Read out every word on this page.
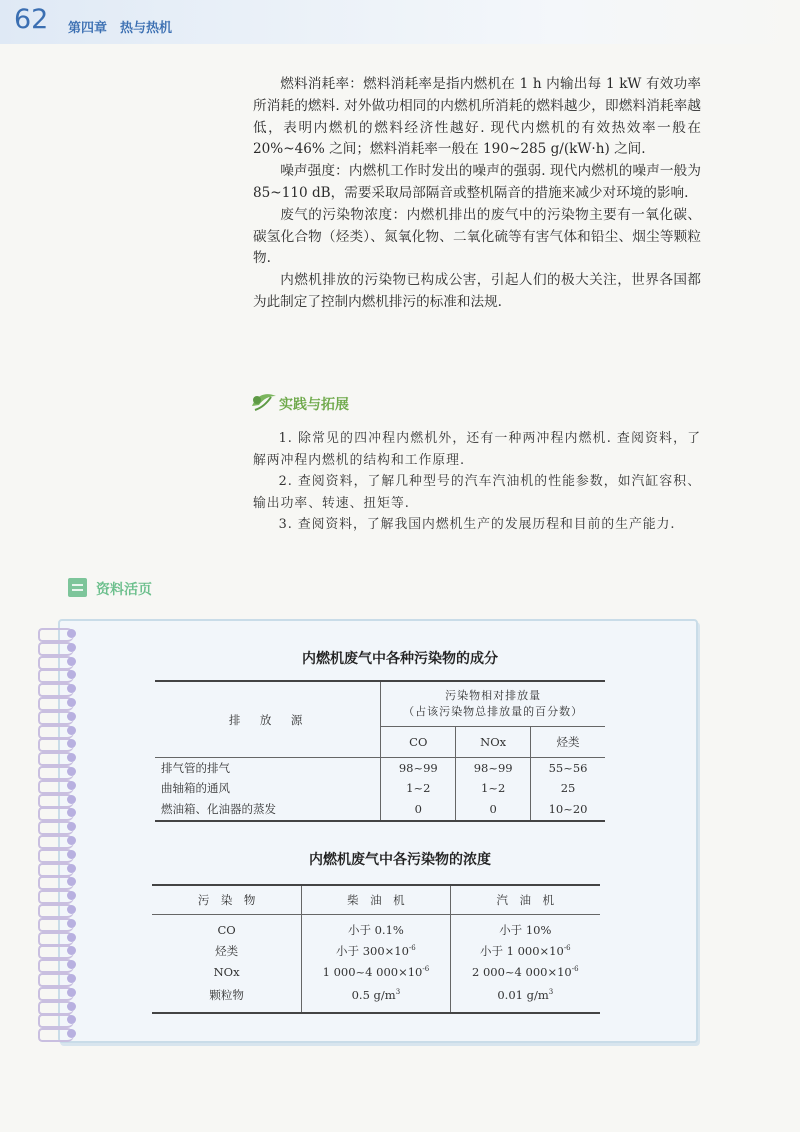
62 第四章　热与热机

燃料消耗率：燃料消耗率是指内燃机在 1 h 内输出每 1 kW 有效功率所消耗的燃料. 对外做功相同的内燃机所消耗的燃料越少，即燃料消耗率越低，表明内燃机的燃料经济性越好. 现代内燃机的有效热效率一般在 20%~46% 之间；燃料消耗率一般在 190~285 g/(kW·h) 之间.

噪声强度：内燃机工作时发出的噪声的强弱. 现代内燃机的噪声一般为 85~110 dB，需要采取局部隔音或整机隔音的措施来减少对环境的影响.

废气的污染物浓度：内燃机排出的废气中的污染物主要有一氧化碳、碳氢化合物（烃类）、氮氧化物、二氧化硫等有害气体和铅尘、烟尘等颗粒物.

内燃机排放的污染物已构成公害，引起人们的极大关注，世界各国都为此制定了控制内燃机排污的标准和法规.

实践与拓展

1. 除常见的四冲程内燃机外，还有一种两冲程内燃机. 查阅资料，了解两冲程内燃机的结构和工作原理.

2. 查阅资料，了解几种型号的汽车汽油机的性能参数，如汽缸容积、输出功率、转速、扭矩等.

3. 查阅资料，了解我国内燃机生产的发展历程和目前的生产能力.

资料活页
内燃机废气中各种污染物的成分
排　放　源	污染物相对排放量
（占该污染物总排放量的百分数）		

	CO	NOx	烃类
排气管的排气	98~99	98~99	55~56
曲轴箱的通风	1~2	1~2	25
燃油箱、化油器的蒸发	0	0	10~20
内燃机废气中各污染物的浓度
污　染　物	柴　油　机	汽　油　机
CO	小于 0.1%	小于 10%
烃类	小于 $300\times 10^{-6}$	小于 1 $000\times 10^{-6}$
NOx	1 000~4 $000\times 10^{-6}$	2 000~4 $000\times 10^{-6}$
颗粒物	0.5 $g/m^3$	0.01 $g/m^3$
